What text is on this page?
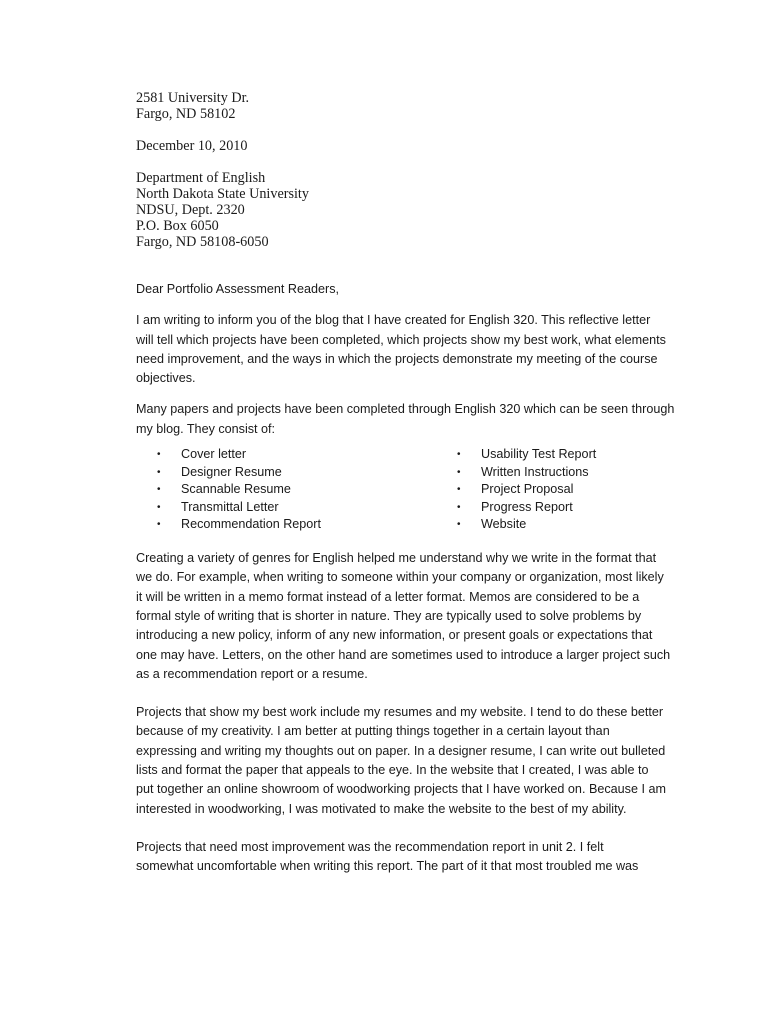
2581 University Dr.
Fargo, ND 58102
December 10, 2010
Department of English
North Dakota State University
NDSU, Dept. 2320
P.O. Box 6050
Fargo, ND 58108-6050
Dear Portfolio Assessment Readers,
I am writing to inform you of the blog that I have created for English 320. This reflective letter
will tell which projects have been completed, which projects show my best work, what elements
need improvement, and the ways in which the projects demonstrate my meeting of the course
objectives.
Many papers and projects have been completed through English 320 which can be seen through
my blog. They consist of:
• Cover letter
• Designer Resume
• Scannable Resume
• Transmittal Letter
• Recommendation Report
• Usability Test Report
• Written Instructions
• Project Proposal
• Progress Report
• Website
Creating a variety of genres for English helped me understand why we write in the format that
we do. For example, when writing to someone within your company or organization, most likely
it will be written in a memo format instead of a letter format. Memos are considered to be a
formal style of writing that is shorter in nature. They are typically used to solve problems by
introducing a new policy, inform of any new information, or present goals or expectations that
one may have. Letters, on the other hand are sometimes used to introduce a larger project such
as a recommendation report or a resume.
Projects that show my best work include my resumes and my website. I tend to do these better
because of my creativity. I am better at putting things together in a certain layout than
expressing and writing my thoughts out on paper. In a designer resume, I can write out bulleted
lists and format the paper that appeals to the eye. In the website that I created, I was able to
put together an online showroom of woodworking projects that I have worked on. Because I am
interested in woodworking, I was motivated to make the website to the best of my ability.
Projects that need most improvement was the recommendation report in unit 2. I felt
somewhat uncomfortable when writing this report. The part of it that most troubled me was
